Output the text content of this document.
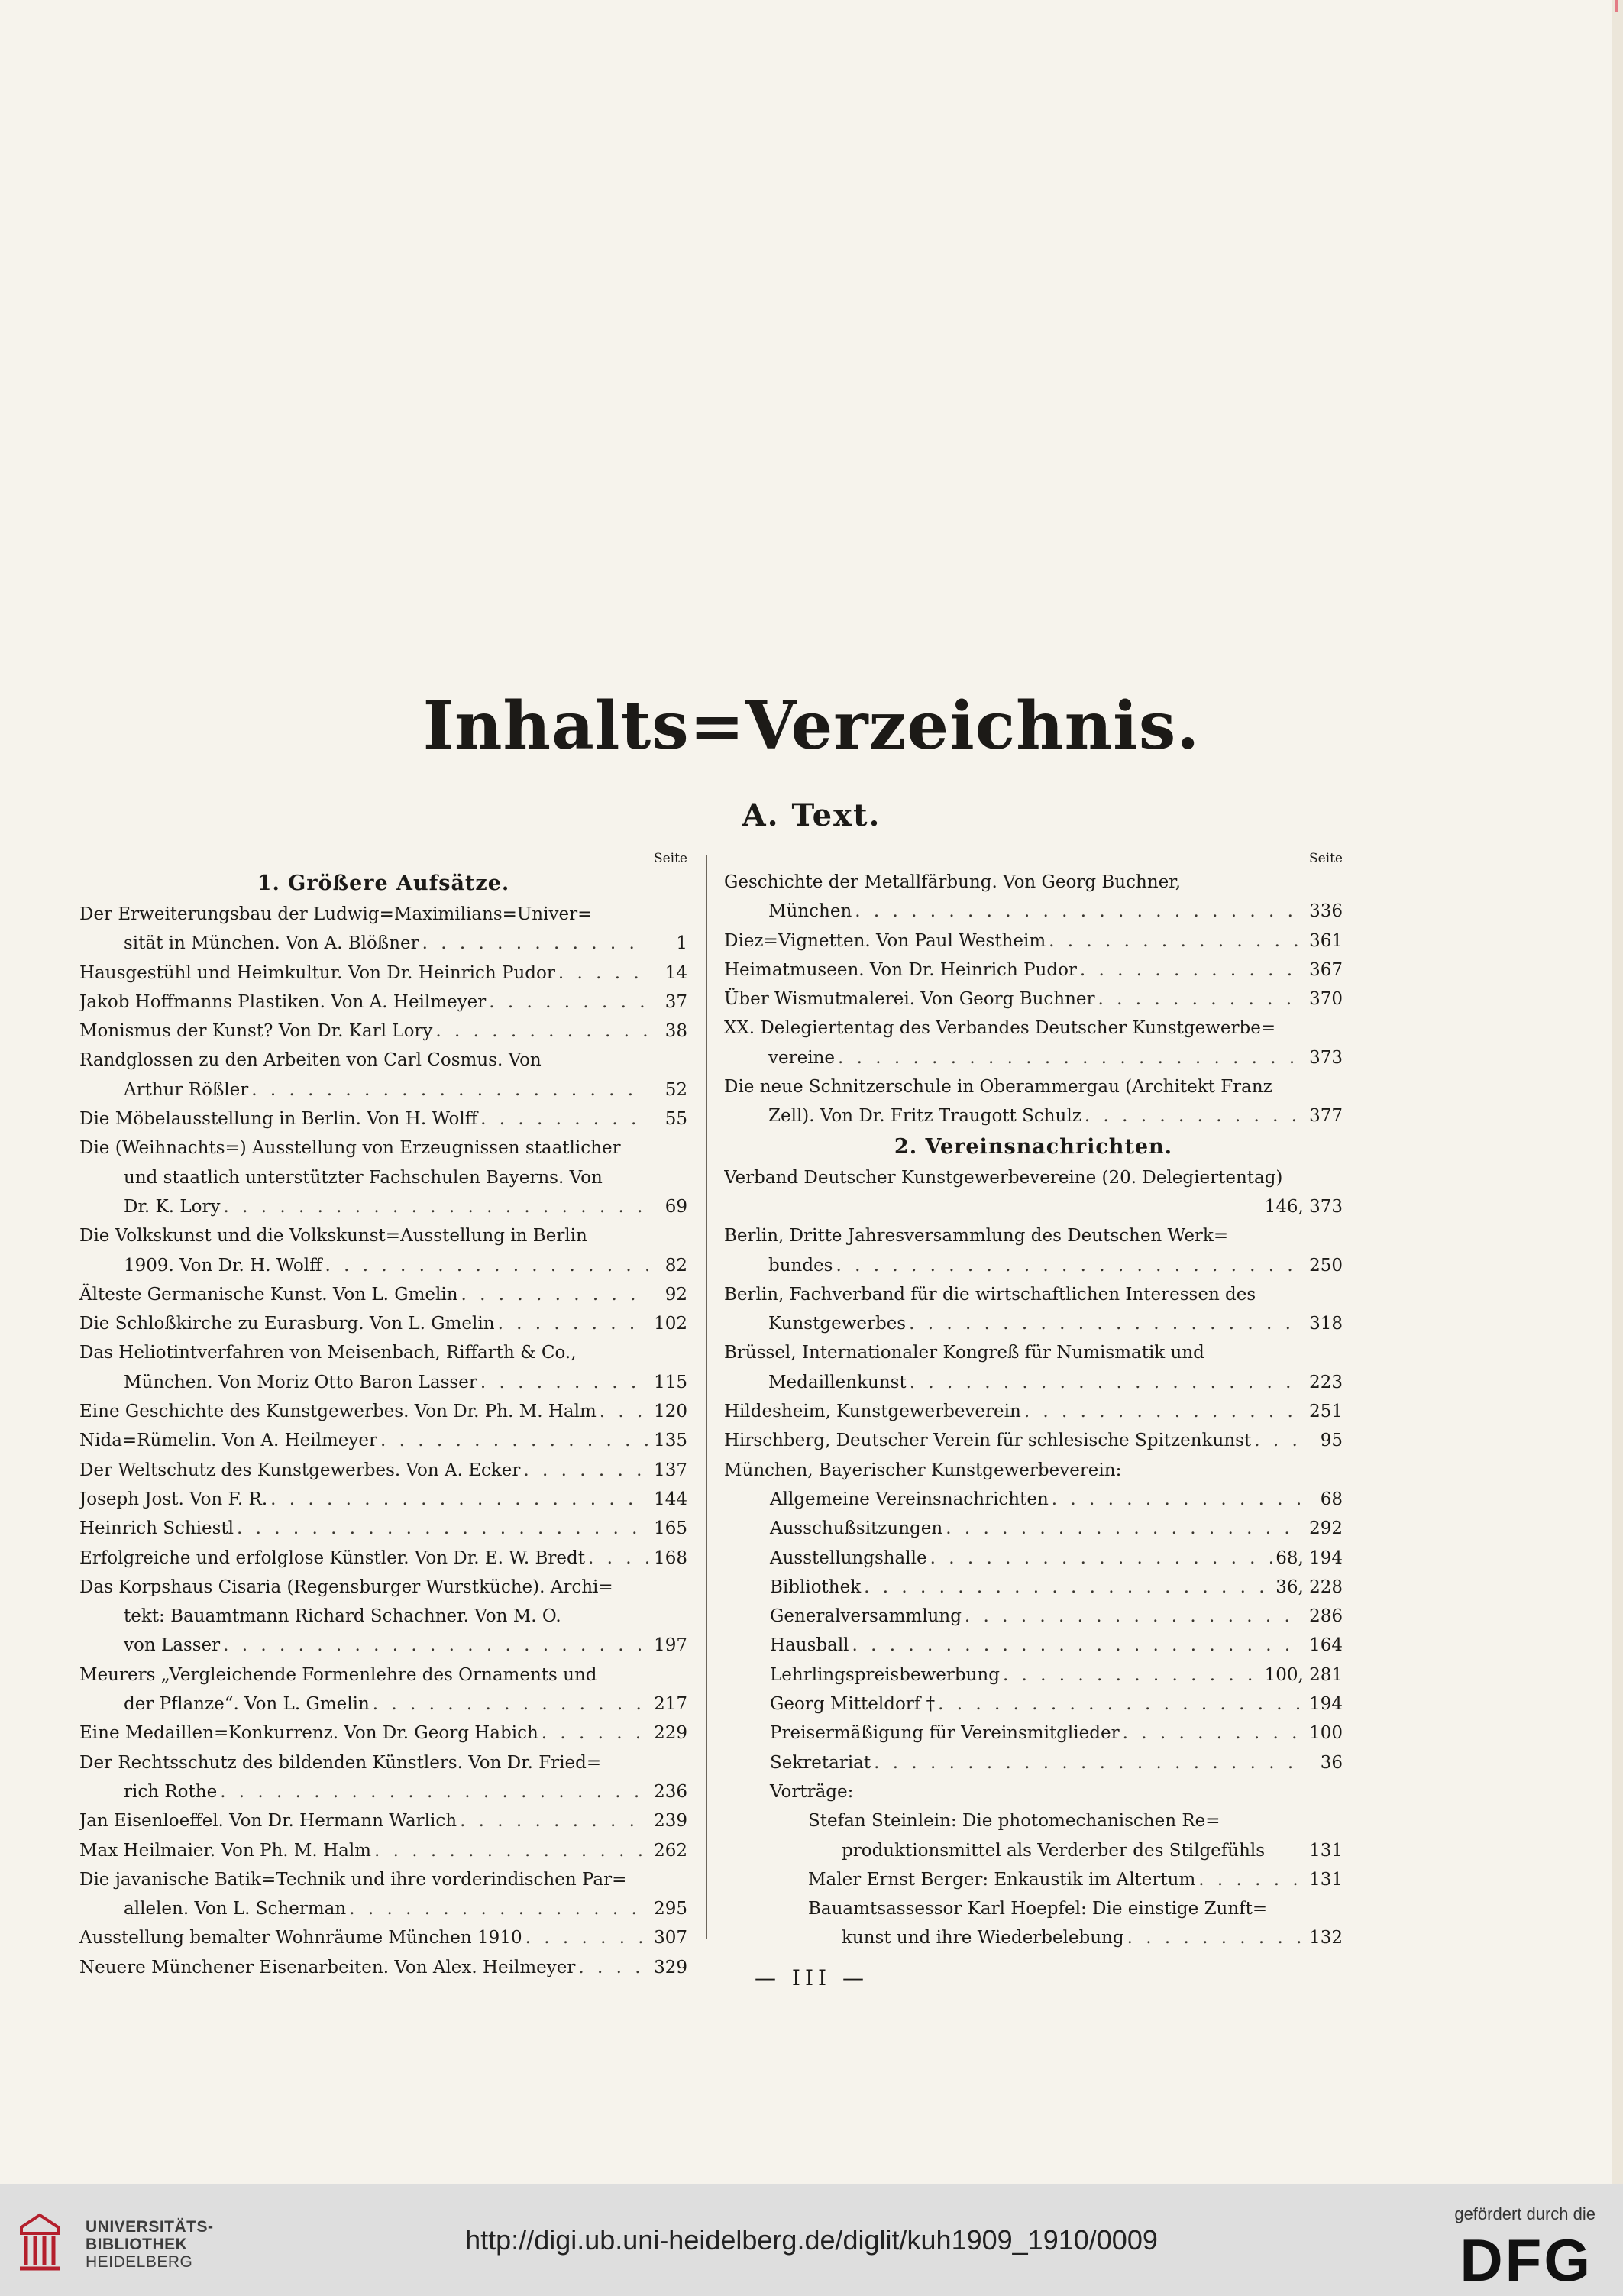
Inhalts=Verzeichnis.
A. Text.
Seite
1. Größere Aufsätze.
Der Erweiterungsbau der Ludwig=Maximilians=Univer=
sität in München. Von A. Blößner . . .	1
Hausgestühl und Heimkultur. Von Dr. Heinrich Pudor . . .	14
Jakob Hoffmanns Plastiken. Von A. Heilmeyer . . .	37
Monismus der Kunst? Von Dr. Karl Lory . . .	38
Randglossen zu den Arbeiten von Carl Cosmus. Von
Arthur Rößler . . .	52
Die Möbelausstellung in Berlin. Von H. Wolff . . .	55
Die (Weihnachts=) Ausstellung von Erzeugnissen staatlicher
und staatlich unterstützter Fachschulen Bayerns. Von
Dr. K. Lory . . .	69
Die Volkskunst und die Volkskunst=Ausstellung in Berlin
1909. Von Dr. H. Wolff . . .	82
Älteste Germanische Kunst. Von L. Gmelin . . .	92
Die Schloßkirche zu Eurasburg. Von L. Gmelin . . .	102
Das Heliotintverfahren von Meisenbach, Riffarth & Co.,
München. Von Moriz Otto Baron Lasser . . .	115
Eine Geschichte des Kunstgewerbes. Von Dr. Ph. M. Halm . . .	120
Nida=Rümelin. Von A. Heilmeyer . . .	135
Der Weltschutz des Kunstgewerbes. Von A. Ecker . . .	137
Joseph Jost. Von F. R. . . .	144
Heinrich Schiestl . . .	165
Erfolgreiche und erfolglose Künstler. Von Dr. E. W. Bredt . . .	168
Das Korpshaus Cisaria (Regensburger Wurstküche). Archi=
tekt: Bauamtmann Richard Schachner. Von M. O.
von Lasser . . .	197
Meurers „Vergleichende Formenlehre des Ornaments und
der Pflanze“. Von L. Gmelin . . .	217
Eine Medaillen=Konkurrenz. Von Dr. Georg Habich . . .	229
Der Rechtsschutz des bildenden Künstlers. Von Dr. Fried=
rich Rothe . . .	236
Jan Eisenloeffel. Von Dr. Hermann Warlich . . .	239
Max Heilmaier. Von Ph. M. Halm . . .	262
Die javanische Batik=Technik und ihre vorderindischen Par=
allelen. Von L. Scherman . . .	295
Ausstellung bemalter Wohnräume München 1910 . . .	307
Neuere Münchener Eisenarbeiten. Von Alex. Heilmeyer . . .	329
Seite
Geschichte der Metallfärbung. Von Georg Buchner,
München . . .	336
Diez=Vignetten. Von Paul Westheim . . .	361
Heimatmuseen. Von Dr. Heinrich Pudor . . .	367
Über Wismutmalerei. Von Georg Buchner . . .	370
XX. Delegiertentag des Verbandes Deutscher Kunstgewerbe=
vereine . . .	373
Die neue Schnitzerschule in Oberammergau (Architekt Franz
Zell). Von Dr. Fritz Traugott Schulz . . .	377
2. Vereinsnachrichten.
Verband Deutscher Kunstgewerbevereine (20. Delegiertentag)
146, 373
Berlin, Dritte Jahresversammlung des Deutschen Werk=
bundes . . .	250
Berlin, Fachverband für die wirtschaftlichen Interessen des
Kunstgewerbes . . .	318
Brüssel, Internationaler Kongreß für Numismatik und
Medaillenkunst . . .	223
Hildesheim, Kunstgewerbeverein . . .	251
Hirschberg, Deutscher Verein für schlesische Spitzenkunst . . .	95
München, Bayerischer Kunstgewerbeverein:
Allgemeine Vereinsnachrichten . . .	68
Ausschußsitzungen . . .	292
Ausstellungshalle . . .	68, 194
Bibliothek . . .	36, 228
Generalversammlung . . .	286
Hausball . . .	164
Lehrlingspreisbewerbung . . .	100, 281
Georg Mitteldorf † . . .	194
Preisermäßigung für Vereinsmitglieder . . .	100
Sekretariat . . .	36
Vorträge:
Stefan Steinlein: Die photomechanischen Re=
produktionsmittel als Verderber des Stilgefühls	131
Maler Ernst Berger: Enkaustik im Altertum . . .	131
Bauamtsassessor Karl Hoepfel: Die einstige Zunft=
kunst und ihre Wiederbelebung . . .	132
— III —
UNIVERSITÄTS-
BIBLIOTHEK
HEIDELBERG
http://digi.ub.uni-heidelberg.de/diglit/kuh1909_1910/0009
gefördert durch die
DFG
